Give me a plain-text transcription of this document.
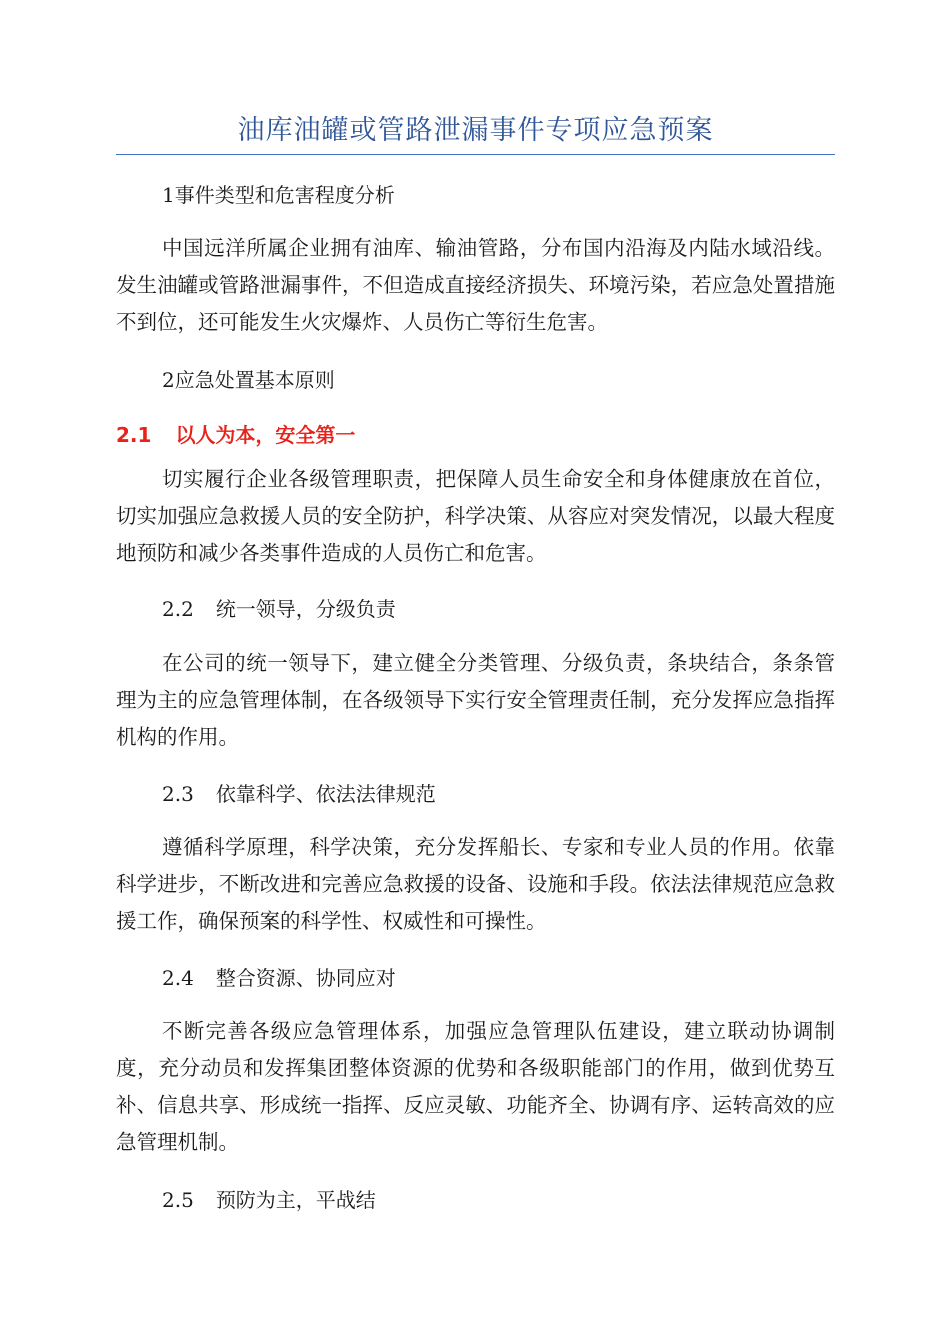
油库油罐或管路泄漏事件专项应急预案
1事件类型和危害程度分析

中国远洋所属企业拥有油库、输油管路，分布国内沿海及内陆水域沿线。发生油罐或管路泄漏事件，不但造成直接经济损失、环境污染，若应急处置措施不到位，还可能发生火灾爆炸、人员伤亡等衍生危害。

2应急处置基本原则
2.1 以人为本，安全第一

切实履行企业各级管理职责，把保障人员生命安全和身体健康放在首位，切实加强应急救援人员的安全防护，科学决策、从容应对突发情况，以最大程度地预防和减少各类事件造成的人员伤亡和危害。

2.2 统一领导，分级负责

在公司的统一领导下，建立健全分类管理、分级负责，条块结合，条条管理为主的应急管理体制，在各级领导下实行安全管理责任制，充分发挥应急指挥机构的作用。

2.3 依靠科学、依法法律规范

遵循科学原理，科学决策，充分发挥船长、专家和专业人员的作用。依靠科学进步，不断改进和完善应急救援的设备、设施和手段。依法法律规范应急救援工作，确保预案的科学性、权威性和可操性。

2.4 整合资源、协同应对

不断完善各级应急管理体系，加强应急管理队伍建设，建立联动协调制度，充分动员和发挥集团整体资源的优势和各级职能部门的作用，做到优势互补、信息共享、形成统一指挥、反应灵敏、功能齐全、协调有序、运转高效的应急管理机制。

2.5 预防为主，平战结
